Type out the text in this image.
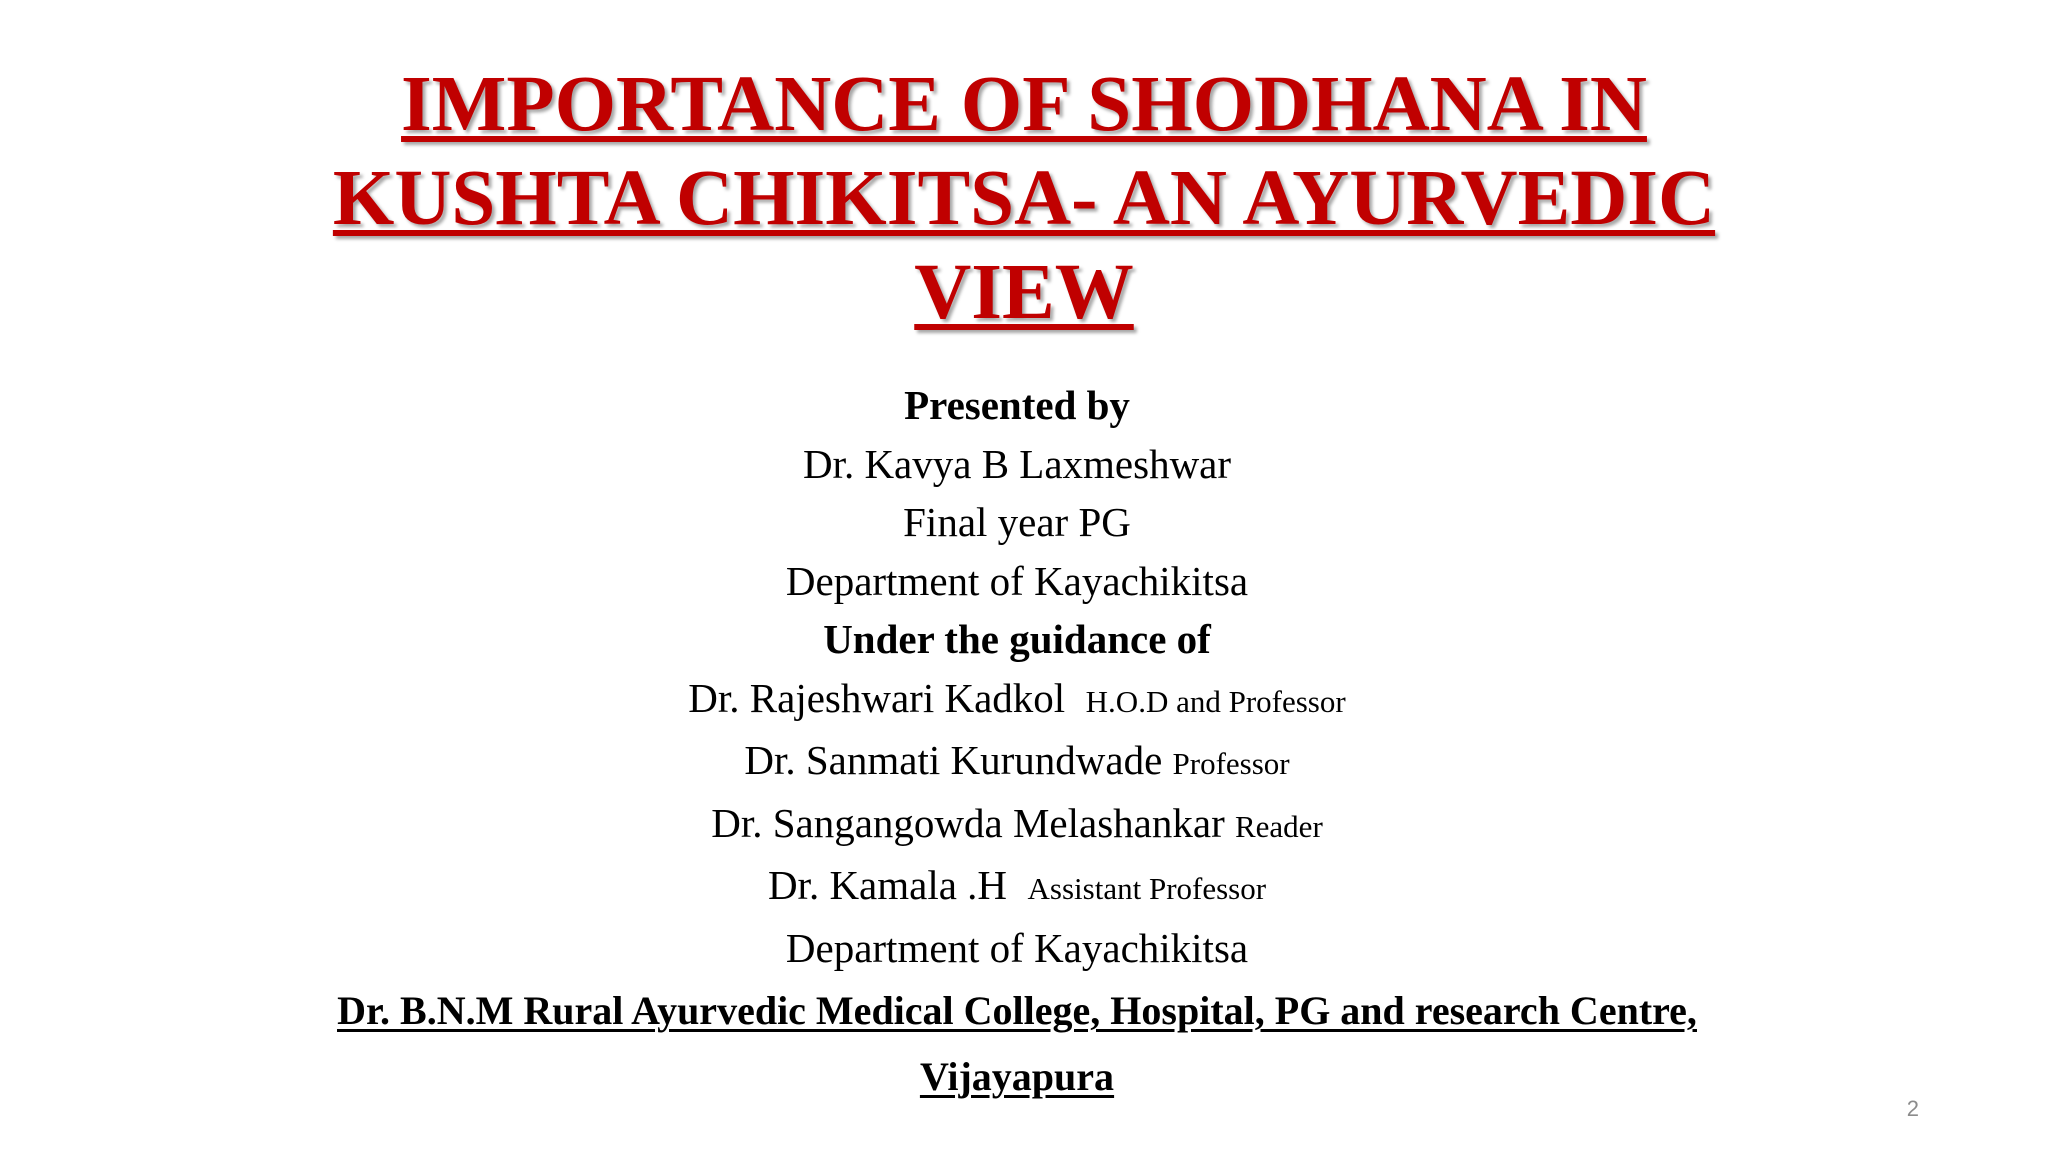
IMPORTANCE OF SHODHANA IN
KUSHTA CHIKITSA- AN AYURVEDIC
VIEW
Presented by
Dr. Kavya B Laxmeshwar
Final year PG
Department of Kayachikitsa
Under the guidance of
Dr. Rajeshwari Kadkol H.O.D and Professor
Dr. Sanmati Kurundwade Professor
Dr. Sangangowda Melashankar Reader
Dr. Kamala .H Assistant Professor
Department of Kayachikitsa
Dr. B.N.M Rural Ayurvedic Medical College, Hospital, PG and research Centre,
Vijayapura
2
